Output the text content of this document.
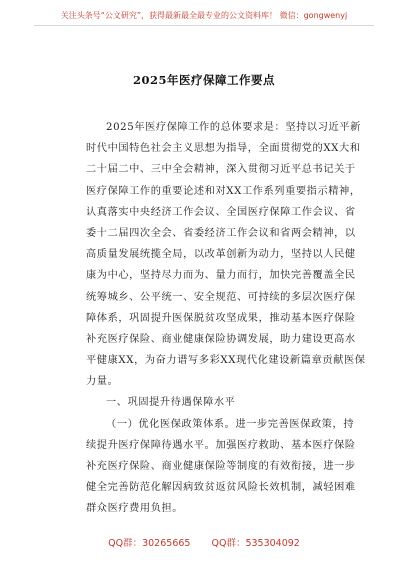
关注头条号“公文研究”，获得最新最全最专业的公文资料库！ 微信：gongwenyj
2025年医疗保障工作要点
2025年医疗保障工作的总体要求是：坚持以习近平新
时代中国特色社会主义思想为指导，全面贯彻党的XX大和
二十届二中、三中全会精神，深入贯彻习近平总书记关于
医疗保障工作的重要论述和对XX工作系列重要指示精神，
认真落实中央经济工作会议、全国医疗保障工作会议、省
委十二届四次全会、省委经济工作会议和省两会精神，以
高质量发展统揽全局，以改革创新为动力，坚持以人民健
康为中心，坚持尽力而为、量力而行，加快完善覆盖全民
统筹城乡、公平统一、安全规范、可持续的多层次医疗保
障体系，巩固提升医保脱贫攻坚成果，推动基本医疗保险
补充医疗保险、商业健康保险协调发展，助力建设更高水
平健康XX，为奋力谱写多彩XX现代化建设新篇章贡献医保
力量。
一、巩固提升待遇保障水平
（一）优化医保政策体系。进一步完善医保政策，持
续提升医疗保障待遇水平。加强医疗救助、基本医疗保险
补充医疗保险、商业健康保险等制度的有效衔接，进一步
健全完善防范化解因病致贫返贫风险长效机制，减轻困难
群众医疗费用负担。
QQ群：30265665 QQ群：535304092
